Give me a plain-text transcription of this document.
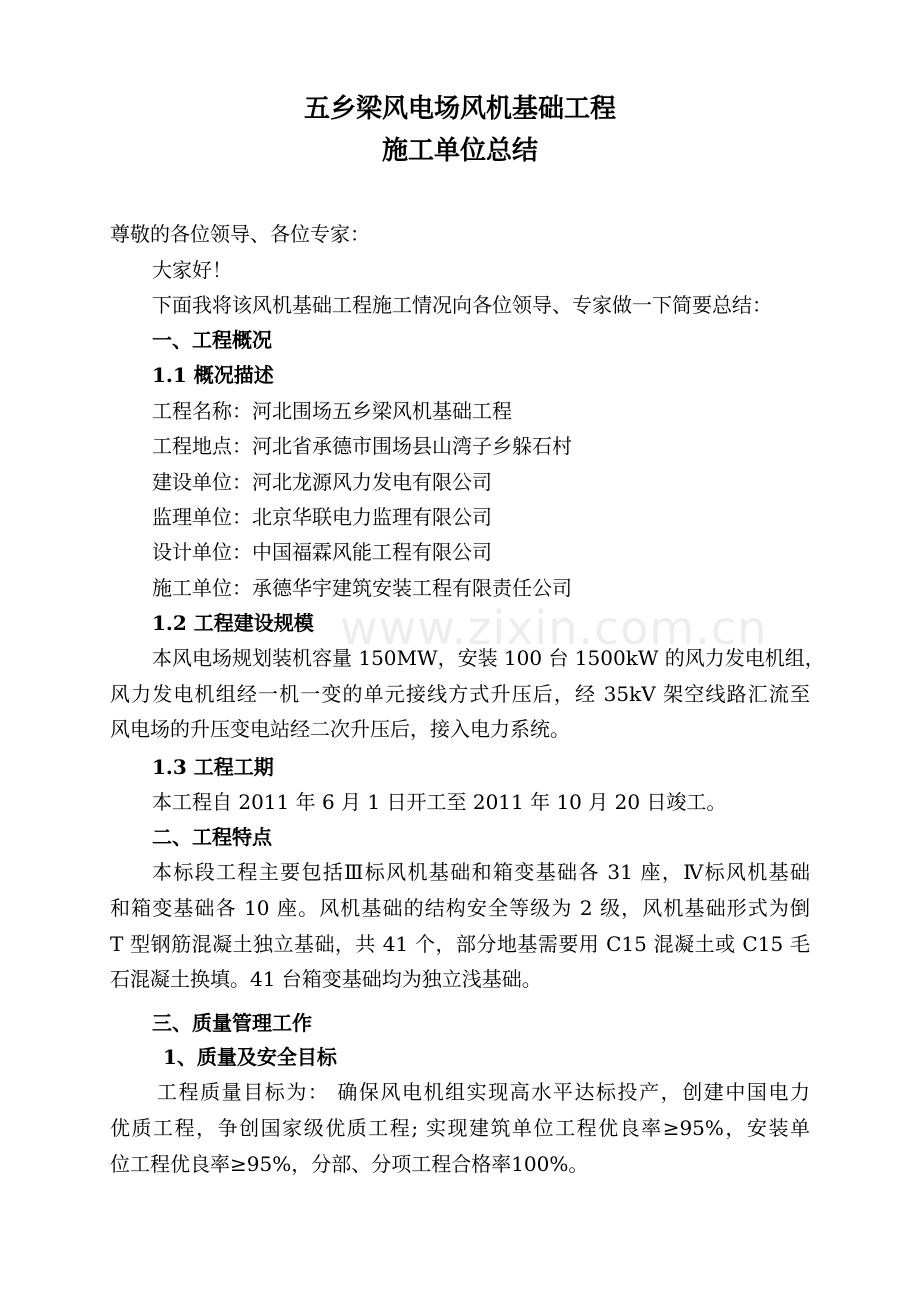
五乡梁风电场风机基础工程
施工单位总结
尊敬的各位领导、各位专家：
大家好！
下面我将该风机基础工程施工情况向各位领导、专家做一下简要总结：
一、工程概况
1.1 概况描述
工程名称：河北围场五乡梁风机基础工程
工程地点：河北省承德市围场县山湾子乡躲石村
建设单位：河北龙源风力发电有限公司
监理单位：北京华联电力监理有限公司
设计单位：中国福霖风能工程有限公司
施工单位：承德华宇建筑安装工程有限责任公司
1.2 工程建设规模
本风电场规划装机容量 150MW，安装 100 台 1500kW 的风力发电机组，
风力发电机组经一机一变的单元接线方式升压后，经 35kV 架空线路汇流至
风电场的升压变电站经二次升压后，接入电力系统。
1.3 工程工期
本工程自 2011 年 6 月 1 日开工至 2011 年 10 月 20 日竣工。
二、工程特点
本标段工程主要包括Ⅲ标风机基础和箱变基础各 31 座，Ⅳ标风机基础
和箱变基础各 10 座。风机基础的结构安全等级为 2 级，风机基础形式为倒
T 型钢筋混凝土独立基础，共 41 个，部分地基需要用 C15 混凝土或 C15 毛
石混凝土换填。41 台箱变基础均为独立浅基础。
三、质量管理工作
1、质量及安全目标
工程质量目标为： 确保风电机组实现高水平达标投产，创建中国电力
优质工程，争创国家级优质工程; 实现建筑单位工程优良率≥95%，安装单
位工程优良率≥95%，分部、分项工程合格率100%。
www.zixin.com.cn
